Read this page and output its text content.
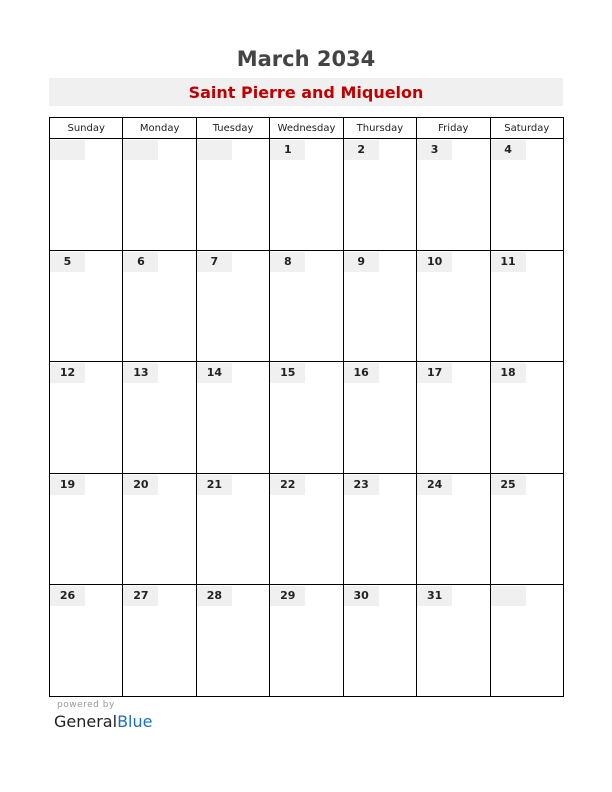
March 2034
Saint Pierre and Miquelon
Sunday	Monday	Tuesday	Wednesday	Thursday	Friday	Saturday

			1	2	3	4

5	6	7	8	9	10	11

12	13	14	15	16	17	18

19	20	21	22	23	24	25

26	27	28	29	30	31	

powered by
GeneralBlue
